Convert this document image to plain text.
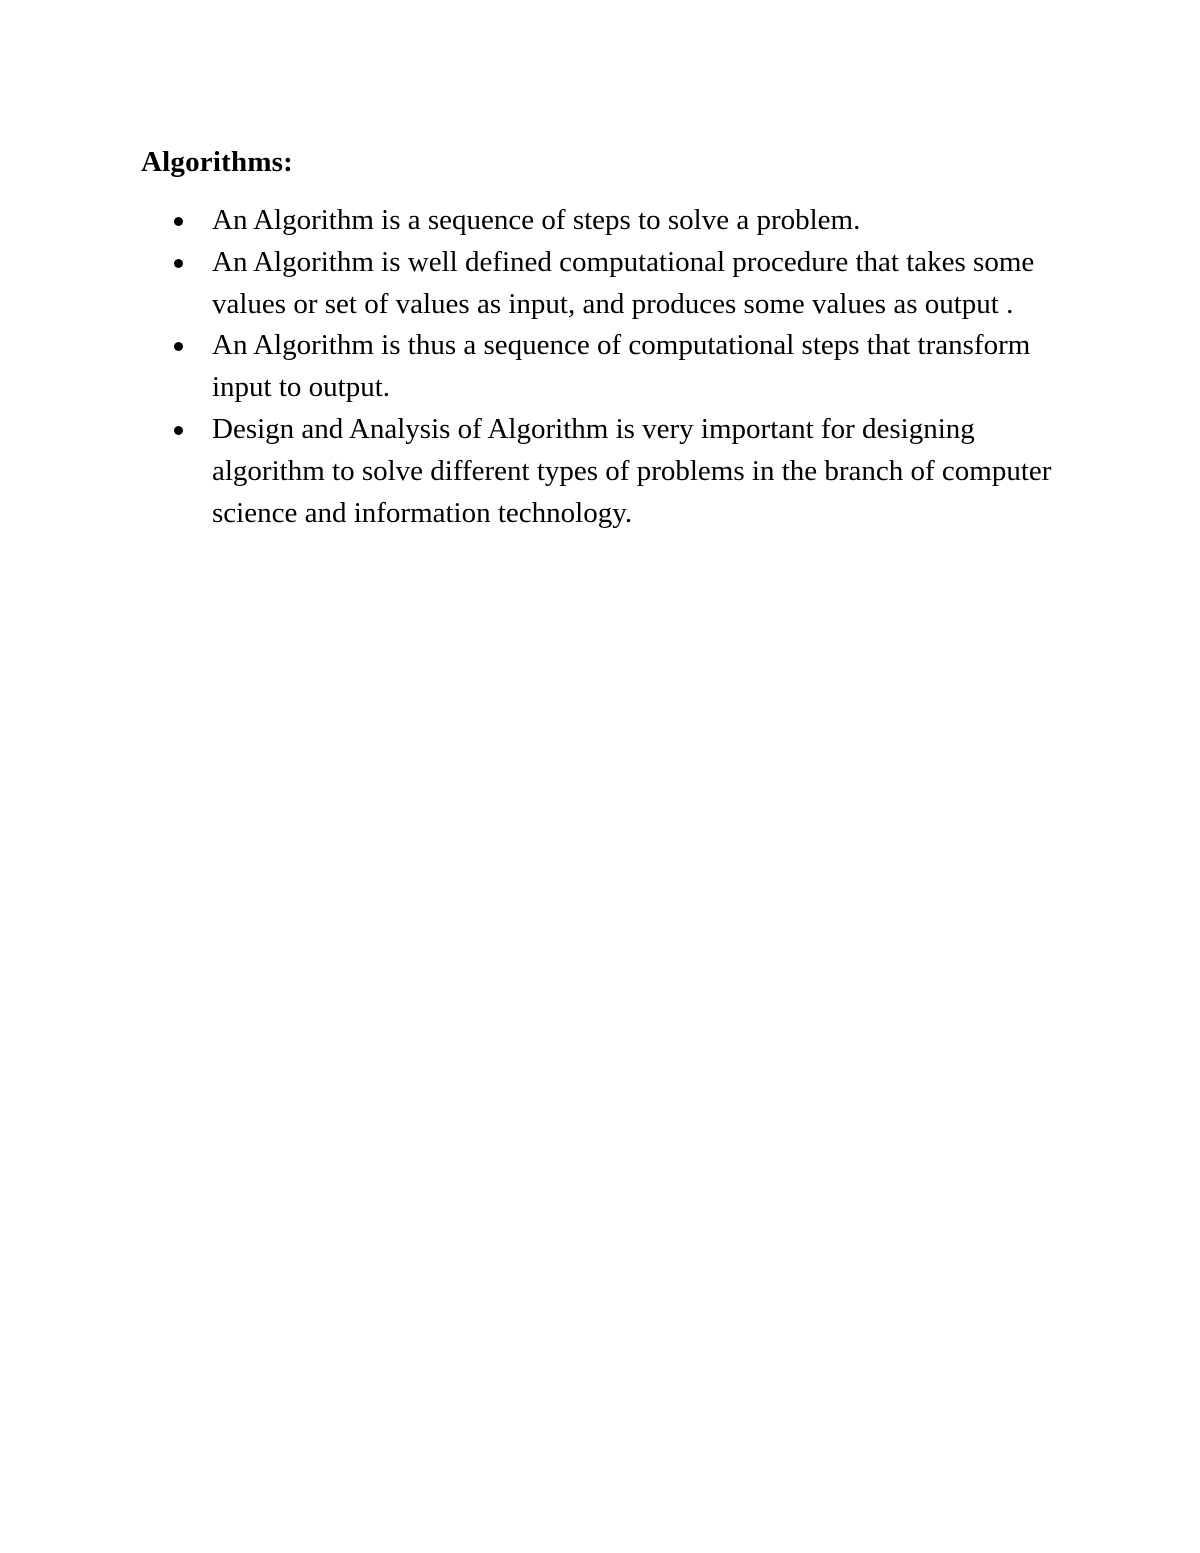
Algorithms:
An Algorithm is a sequence of steps to solve a problem.
An Algorithm is well defined computational procedure that takes some values or set of values as input, and produces some values as output .
An Algorithm is thus a sequence of computational steps that transform input to output.
Design and Analysis of Algorithm is very important for designing algorithm to solve different types of problems in the branch of computer science and information technology.
